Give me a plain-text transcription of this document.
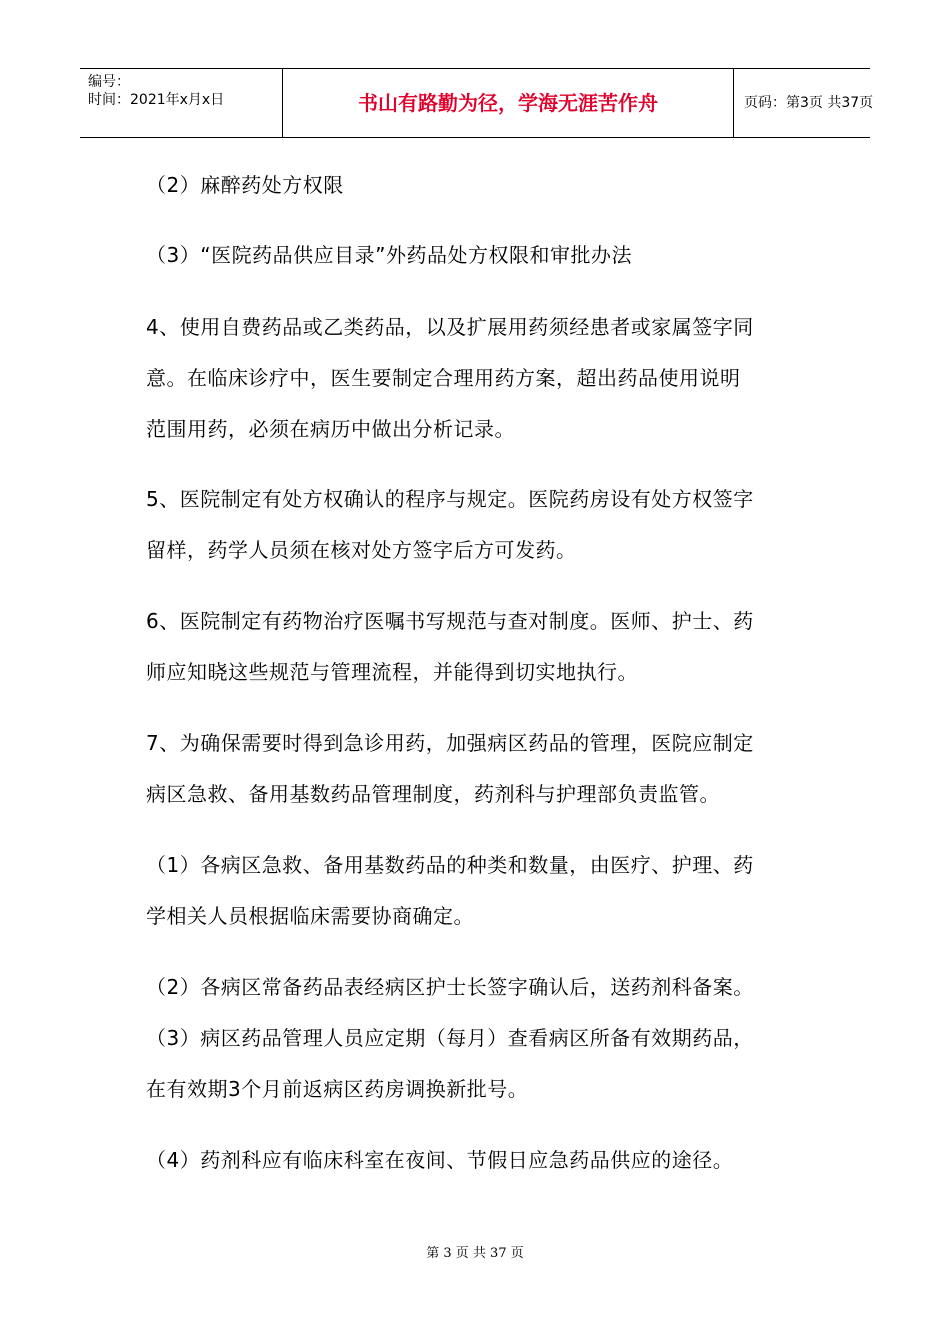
编号：
时间：2021年x月x日	书山有路勤为径，学海无涯苦作舟	页码：第3页 共37页
（2）麻醉药处方权限
（3）“医院药品供应目录”外药品处方权限和审批办法
4、使用自费药品或乙类药品，以及扩展用药须经患者或家属签字同
意。在临床诊疗中，医生要制定合理用药方案，超出药品使用说明
范围用药，必须在病历中做出分析记录。
5、医院制定有处方权确认的程序与规定。医院药房设有处方权签字
留样，药学人员须在核对处方签字后方可发药。
6、医院制定有药物治疗医嘱书写规范与查对制度。医师、护士、药
师应知晓这些规范与管理流程，并能得到切实地执行。
7、为确保需要时得到急诊用药，加强病区药品的管理，医院应制定
病区急救、备用基数药品管理制度，药剂科与护理部负责监管。
（1）各病区急救、备用基数药品的种类和数量，由医疗、护理、药
学相关人员根据临床需要协商确定。
（2）各病区常备药品表经病区护士长签字确认后，送药剂科备案。
（3）病区药品管理人员应定期（每月）查看病区所备有效期药品，
在有效期3个月前返病区药房调换新批号。
（4）药剂科应有临床科室在夜间、节假日应急药品供应的途径。
第 3 页 共 37 页
